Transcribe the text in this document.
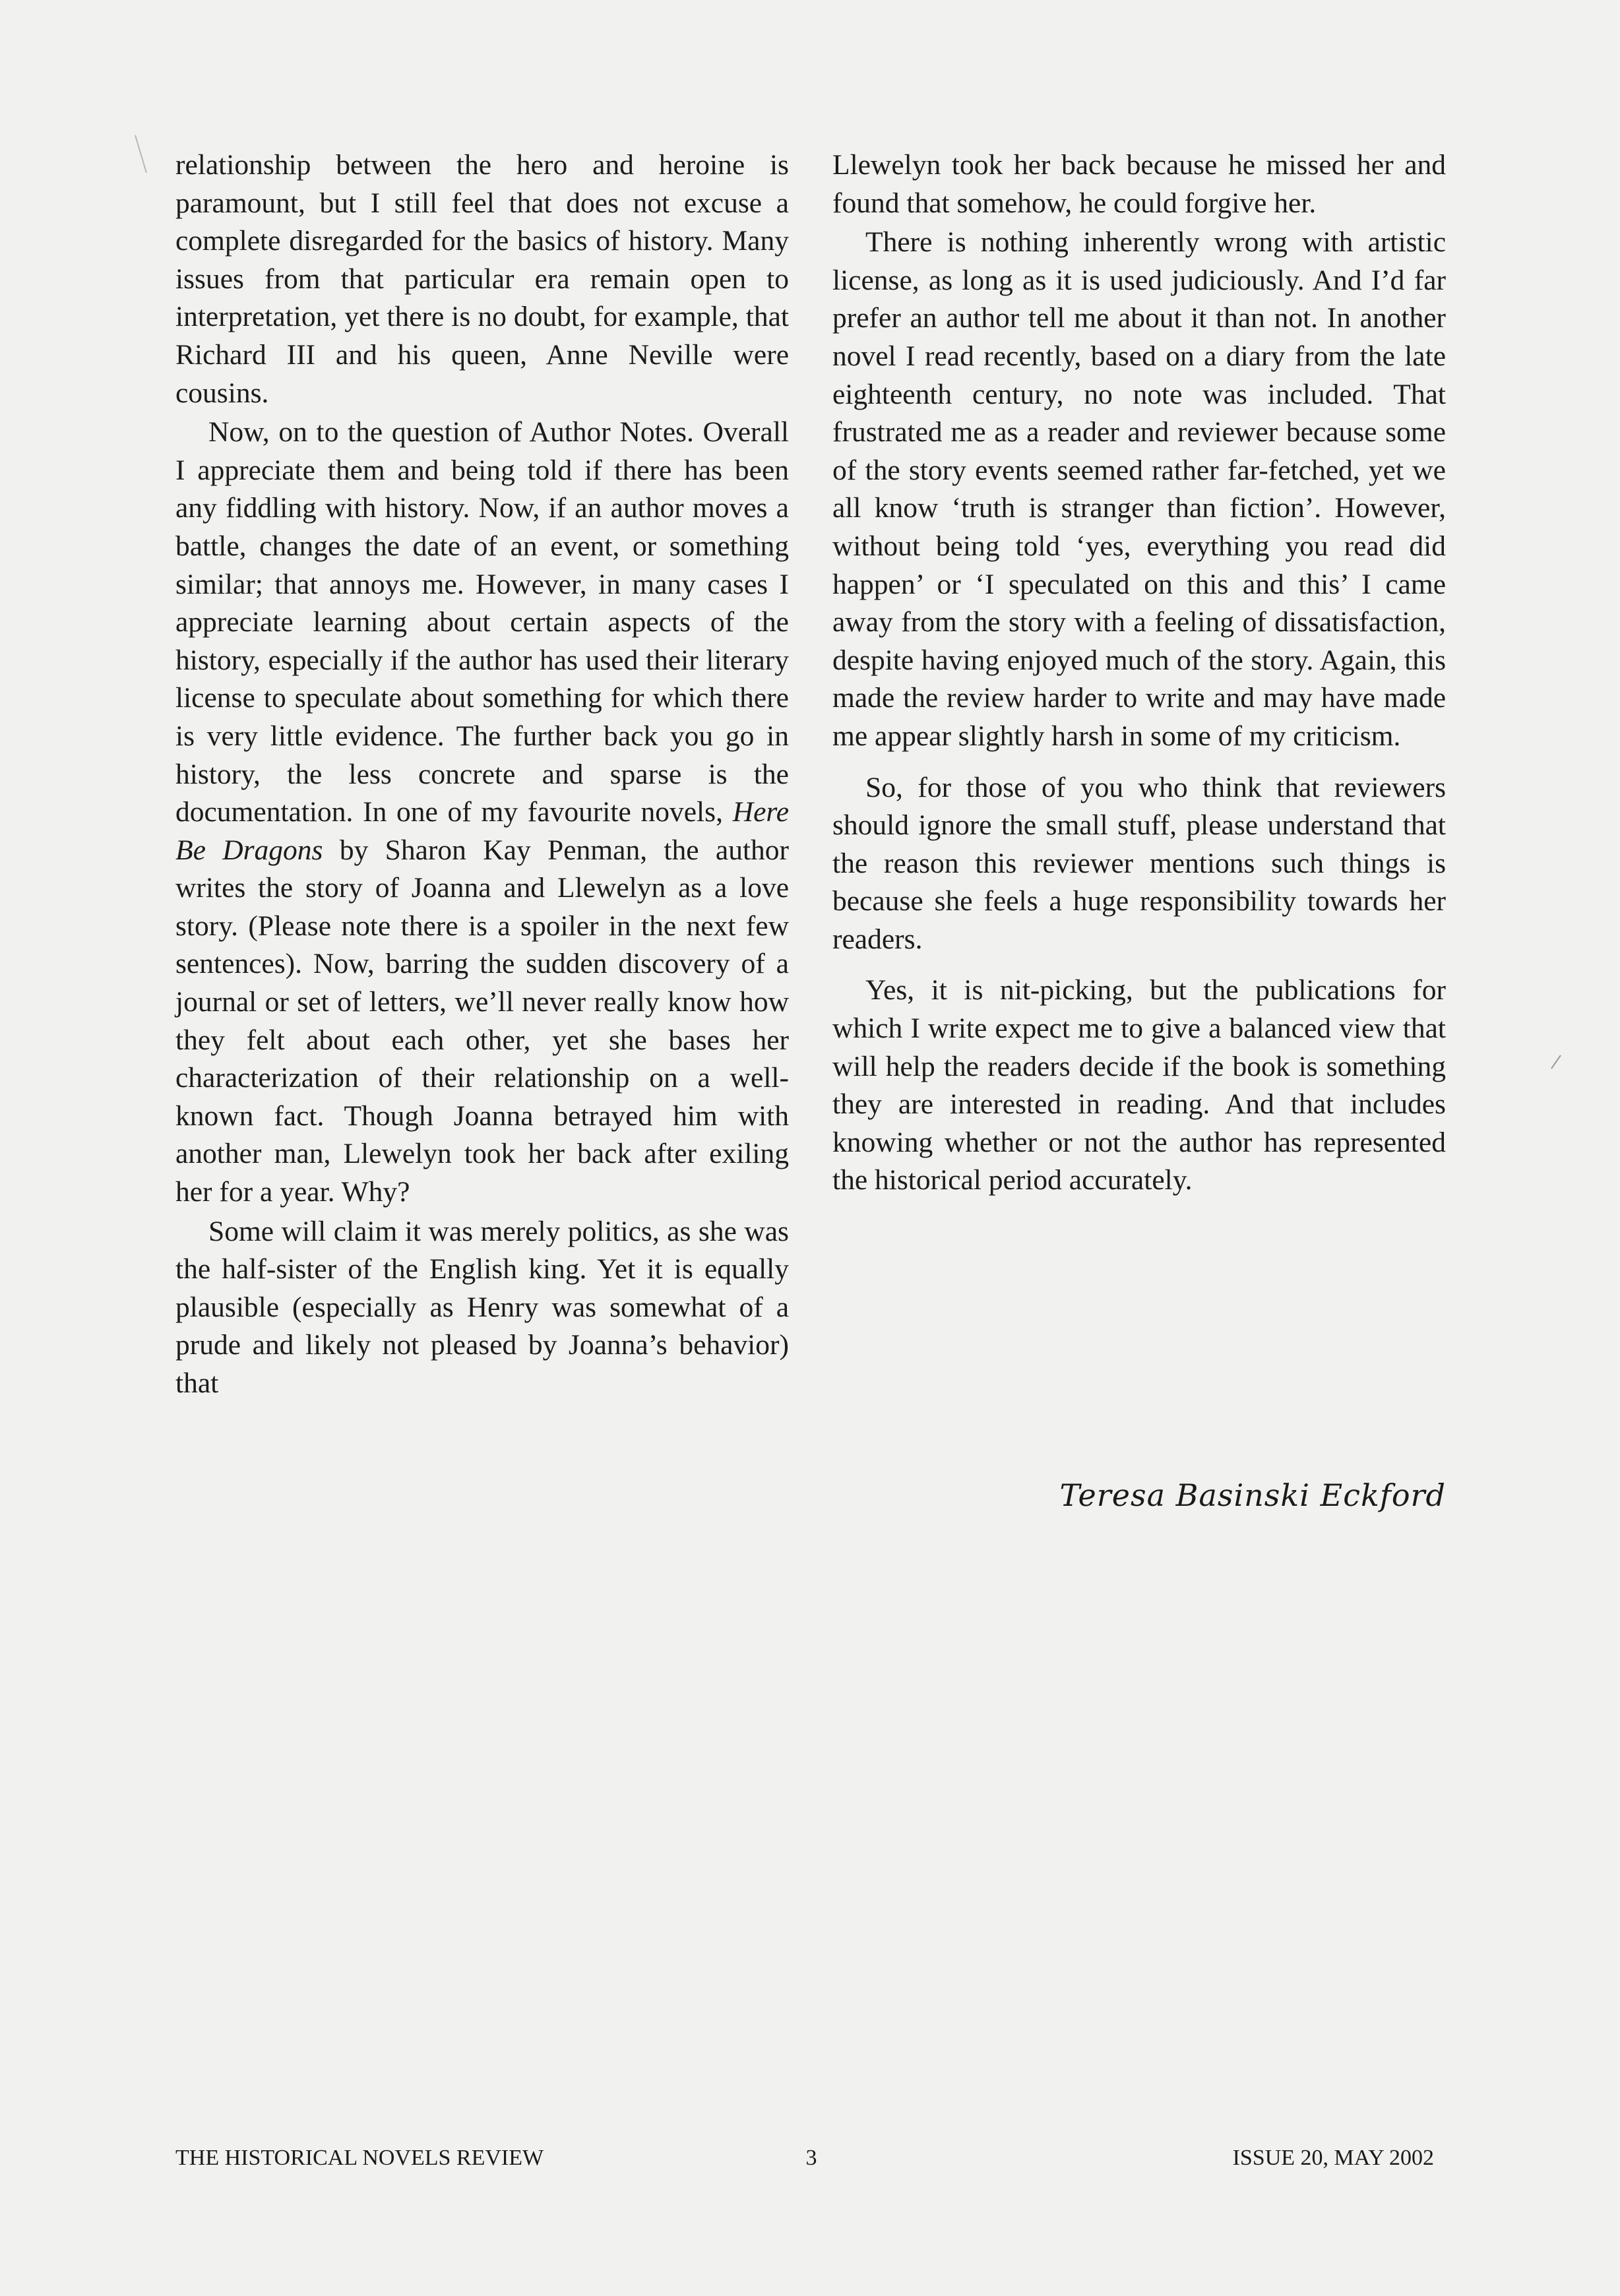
relationship between the hero and heroine is paramount, but I still feel that does not excuse a complete disregarded for the basics of history. Many issues from that particular era remain open to interpretation, yet there is no doubt, for example, that Richard III and his queen, Anne Neville were cousins.

Now, on to the question of Author Notes. Overall I appreciate them and being told if there has been any fiddling with history. Now, if an author moves a battle, changes the date of an event, or something similar; that annoys me. However, in many cases I appreciate learning about certain aspects of the history, especially if the author has used their literary license to speculate about something for which there is very little evidence. The further back you go in history, the less concrete and sparse is the documentation. In one of my favourite novels, Here Be Dragons by Sharon Kay Penman, the author writes the story of Joanna and Llewelyn as a love story. (Please note there is a spoiler in the next few sentences). Now, barring the sudden discovery of a journal or set of letters, we’ll never really know how they felt about each other, yet she bases her characterization of their relationship on a well-known fact. Though Joanna betrayed him with another man, Llewelyn took her back after exiling her for a year. Why?

Some will claim it was merely politics, as she was the half-sister of the English king. Yet it is equally plausible (especially as Henry was somewhat of a prude and likely not pleased by Joanna’s behavior) that

Llewelyn took her back because he missed her and found that somehow, he could forgive her.

There is nothing inherently wrong with artistic license, as long as it is used judiciously. And I’d far prefer an author tell me about it than not. In another novel I read recently, based on a diary from the late eighteenth century, no note was included. That frustrated me as a reader and reviewer because some of the story events seemed rather far-fetched, yet we all know ‘truth is stranger than fiction’. However, without being told ‘yes, everything you read did happen’ or ‘I speculated on this and this’ I came away from the story with a feeling of dissatisfaction, despite having enjoyed much of the story. Again, this made the review harder to write and may have made me appear slightly harsh in some of my criticism.

So, for those of you who think that reviewers should ignore the small stuff, please understand that the reason this reviewer mentions such things is because she feels a huge responsibility towards her readers.

Yes, it is nit-picking, but the publications for which I write expect me to give a balanced view that will help the readers decide if the book is something they are interested in reading. And that includes knowing whether or not the author has represented the historical period accurately.

Teresa Basinski Eckford
THE HISTORICAL NOVELS REVIEW	3	ISSUE 20, MAY 2002
